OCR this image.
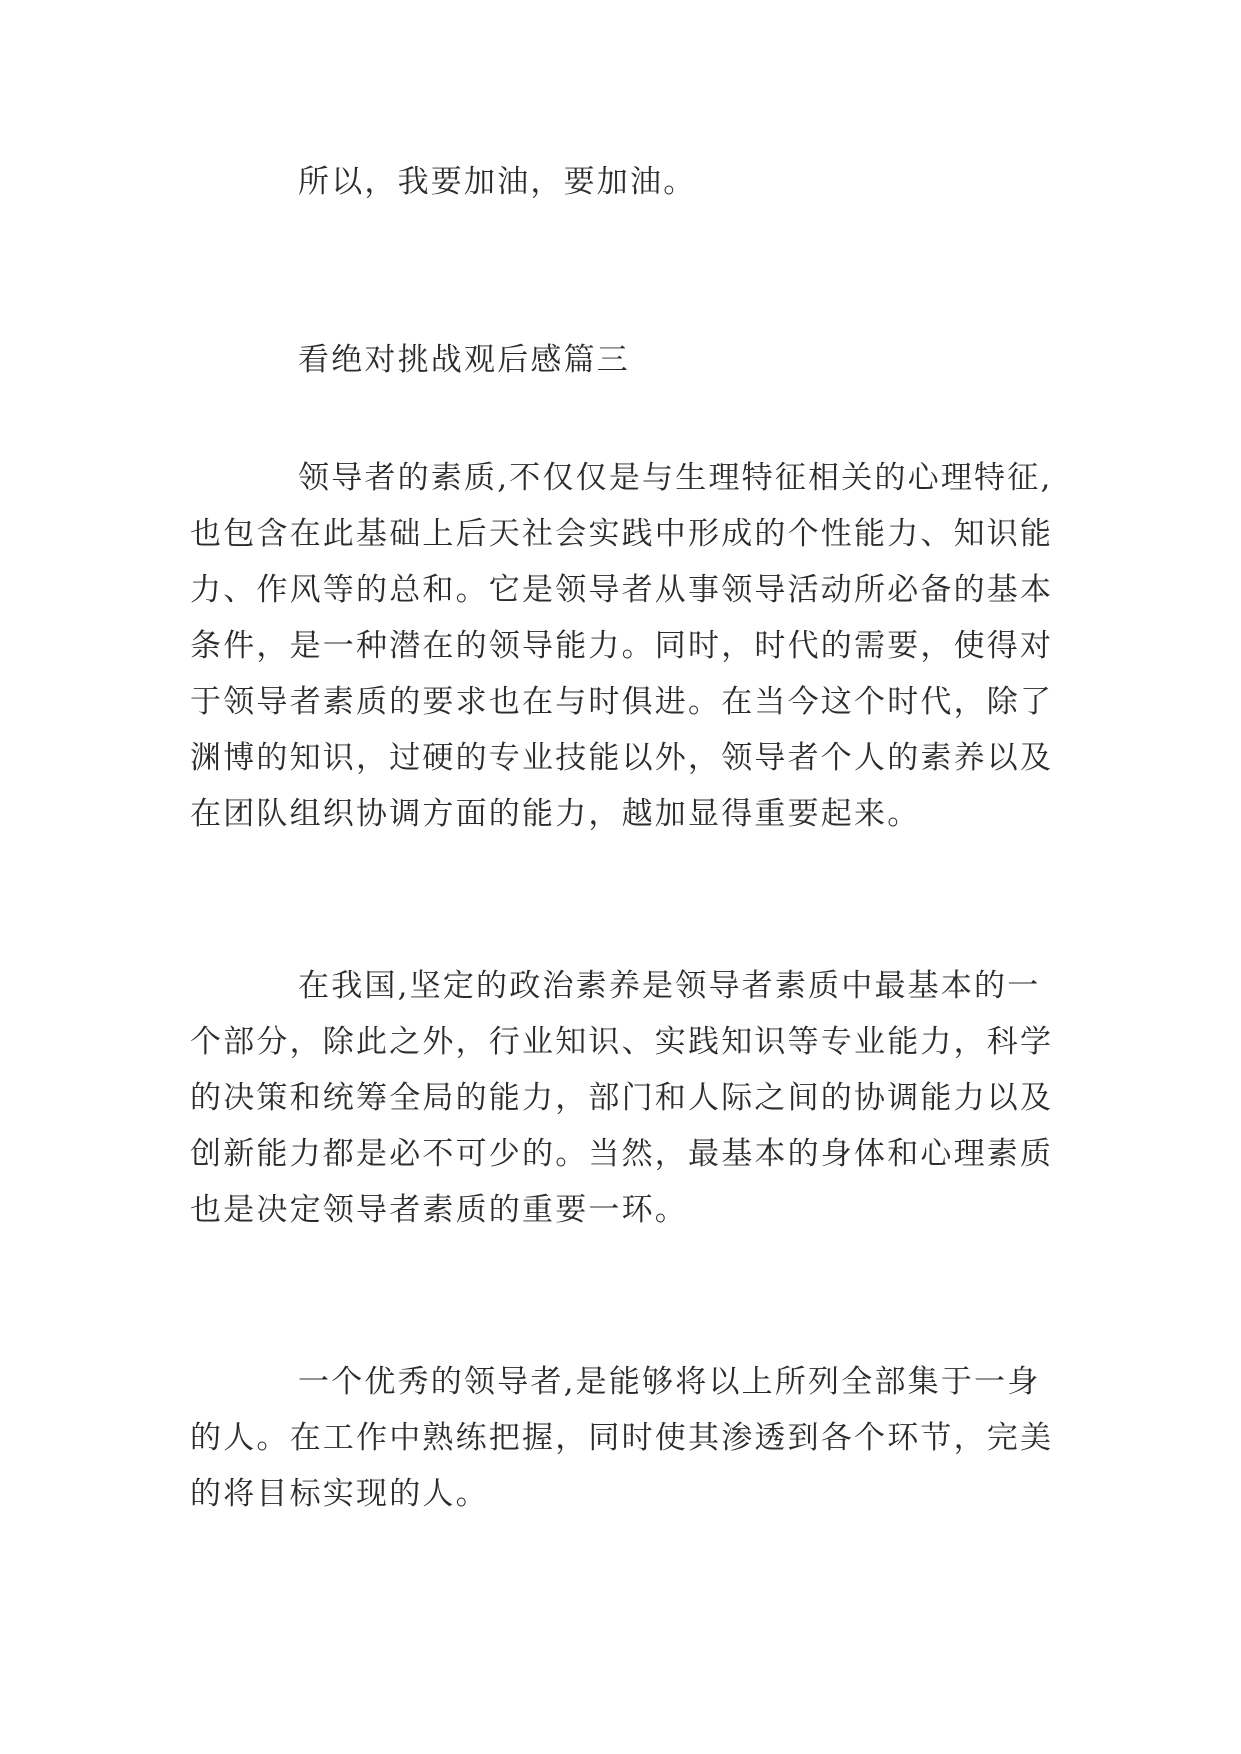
所以，我要加油，要加油。
看绝对挑战观后感篇三
领导者的素质,不仅仅是与生理特征相关的心理特征,
也包含在此基础上后天社会实践中形成的个性能力、知识能
力、作风等的总和。它是领导者从事领导活动所必备的基本
条件，是一种潜在的领导能力。同时，时代的需要，使得对
于领导者素质的要求也在与时俱进。在当今这个时代，除了
渊博的知识，过硬的专业技能以外，领导者个人的素养以及
在团队组织协调方面的能力，越加显得重要起来。
在我国,坚定的政治素养是领导者素质中最基本的一
个部分，除此之外，行业知识、实践知识等专业能力，科学
的决策和统筹全局的能力，部门和人际之间的协调能力以及
创新能力都是必不可少的。当然，最基本的身体和心理素质
也是决定领导者素质的重要一环。
一个优秀的领导者,是能够将以上所列全部集于一身
的人。在工作中熟练把握，同时使其渗透到各个环节，完美
的将目标实现的人。
